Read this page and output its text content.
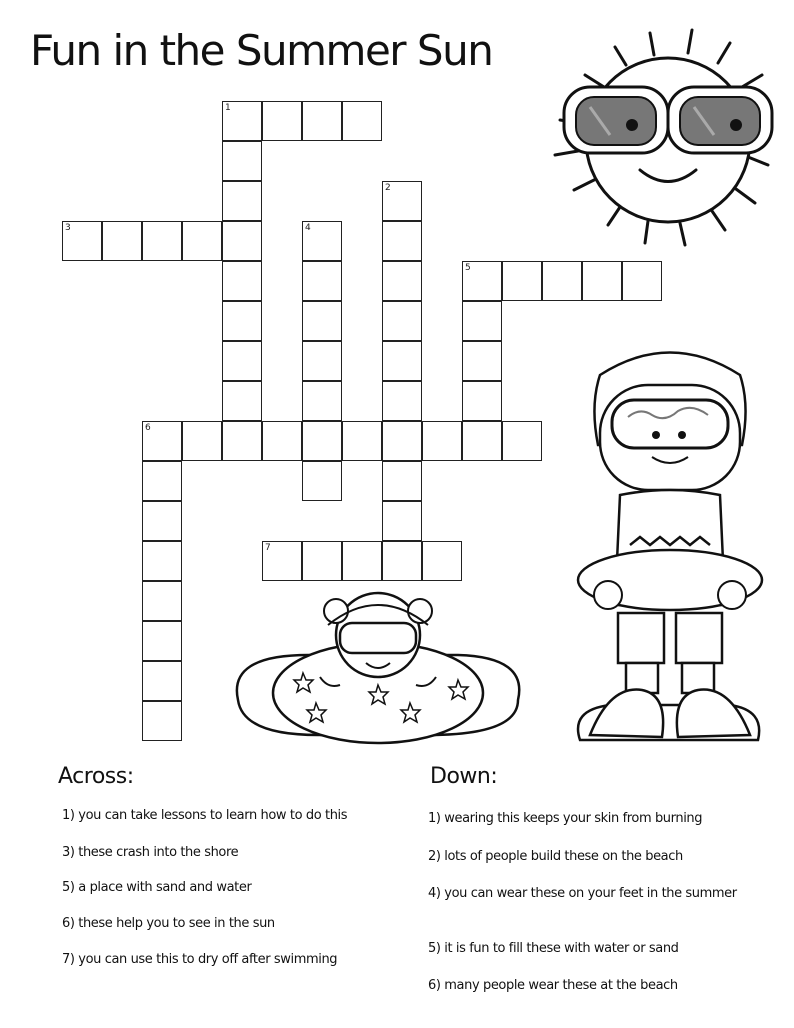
Fun in the Summer Sun
1
3
5
6
7
2
4
Across:	Down:
1) you can take lessons to learn how to do this
3) these crash into the shore
5) a place with sand and water
6) these help you to see in the sun
7) you can use this to dry off after swimming
1) wearing this keeps your skin from burning
2) lots of people build these on the beach
4) you can wear these on your feet in the summer
5) it is fun to fill these with water or sand
6) many people wear these at the beach
